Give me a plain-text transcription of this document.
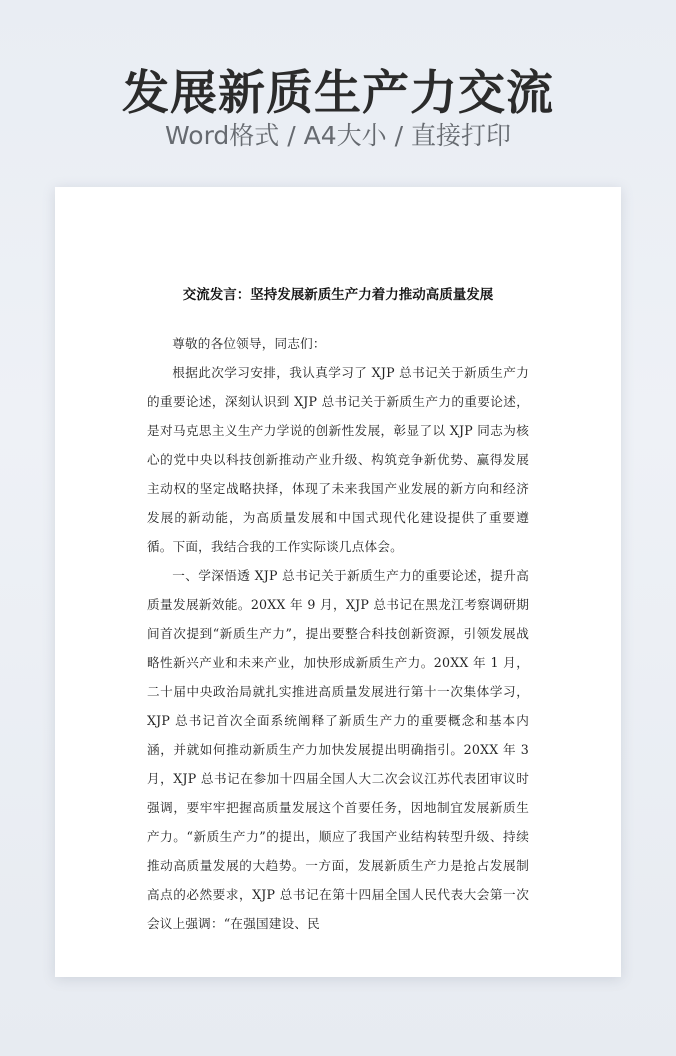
发展新质生产力交流
Word格式 / A4大小 / 直接打印
交流发言：坚持发展新质生产力着力推动高质量发展

尊敬的各位领导，同志们：

根据此次学习安排，我认真学习了 XJP 总书记关于新质生产力的重要论述，深刻认识到 XJP 总书记关于新质生产力的重要论述，是对马克思主义生产力学说的创新性发展，彰显了以 XJP 同志为核心的党中央以科技创新推动产业升级、构筑竞争新优势、赢得发展主动权的坚定战略抉择，体现了未来我国产业发展的新方向和经济发展的新动能，为高质量发展和中国式现代化建设提供了重要遵循。下面，我结合我的工作实际谈几点体会。

一、学深悟透 XJP 总书记关于新质生产力的重要论述，提升高质量发展新效能。20XX 年 9 月，XJP 总书记在黑龙江考察调研期间首次提到“新质生产力”，提出要整合科技创新资源，引领发展战略性新兴产业和未来产业，加快形成新质生产力。20XX 年 1 月，二十届中央政治局就扎实推进高质量发展进行第十一次集体学习，XJP 总书记首次全面系统阐释了新质生产力的重要概念和基本内涵，并就如何推动新质生产力加快发展提出明确指引。20XX 年 3 月，XJP 总书记在参加十四届全国人大二次会议江苏代表团审议时强调，要牢牢把握高质量发展这个首要任务，因地制宜发展新质生产力。“新质生产力”的提出，顺应了我国产业结构转型升级、持续推动高质量发展的大趋势。一方面，发展新质生产力是抢占发展制高点的必然要求，XJP 总书记在第十四届全国人民代表大会第一次会议上强调：“在强国建设、民
